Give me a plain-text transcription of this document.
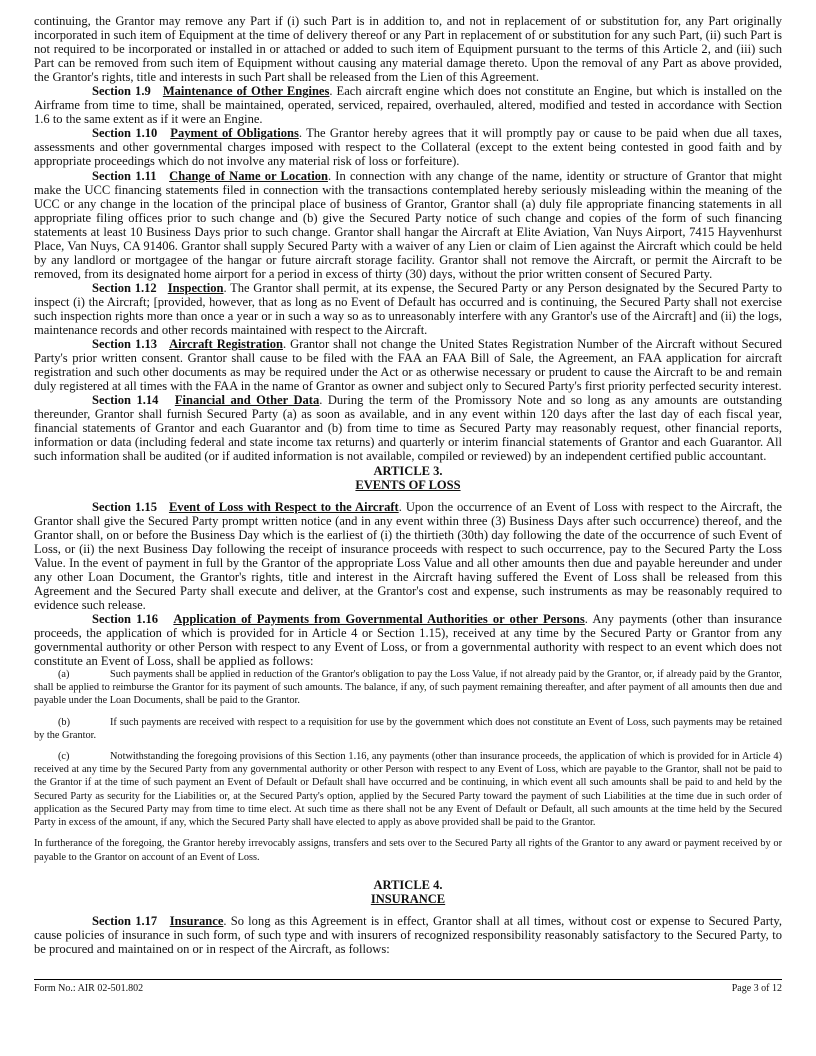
continuing, the Grantor may remove any Part if (i) such Part is in addition to, and not in replacement of or substitution for, any Part originally incorporated in such item of Equipment at the time of delivery thereof or any Part in replacement of or substitution for any such Part, (ii) such Part is not required to be incorporated or installed in or attached or added to such item of Equipment pursuant to the terms of this Article 2, and (iii) such Part can be removed from such item of Equipment without causing any material damage thereto. Upon the removal of any Part as above provided, the Grantor's rights, title and interests in such Part shall be released from the Lien of this Agreement.

Section 1.9 Maintenance of Other Engines. Each aircraft engine which does not constitute an Engine, but which is installed on the Airframe from time to time, shall be maintained, operated, serviced, repaired, overhauled, altered, modified and tested in accordance with Section 1.6 to the same extent as if it were an Engine.

Section 1.10 Payment of Obligations. The Grantor hereby agrees that it will promptly pay or cause to be paid when due all taxes, assessments and other governmental charges imposed with respect to the Collateral (except to the extent being contested in good faith and by appropriate proceedings which do not involve any material risk of loss or forfeiture).

Section 1.11 Change of Name or Location. In connection with any change of the name, identity or structure of Grantor that might make the UCC financing statements filed in connection with the transactions contemplated hereby seriously misleading within the meaning of the UCC or any change in the location of the principal place of business of Grantor, Grantor shall (a) duly file appropriate financing statements in all appropriate filing offices prior to such change and (b) give the Secured Party notice of such change and copies of the form of such financing statements at least 10 Business Days prior to such change. Grantor shall hangar the Aircraft at Elite Aviation, Van Nuys Airport, 7415 Hayvenhurst Place, Van Nuys, CA 91406. Grantor shall supply Secured Party with a waiver of any Lien or claim of Lien against the Aircraft which could be held by any landlord or mortgagee of the hangar or future aircraft storage facility. Grantor shall not remove the Aircraft, or permit the Aircraft to be removed, from its designated home airport for a period in excess of thirty (30) days, without the prior written consent of Secured Party.

Section 1.12 Inspection. The Grantor shall permit, at its expense, the Secured Party or any Person designated by the Secured Party to inspect (i) the Aircraft; [provided, however, that as long as no Event of Default has occurred and is continuing, the Secured Party shall not exercise such inspection rights more than once a year or in such a way so as to unreasonably interfere with any Grantor's use of the Aircraft] and (ii) the logs, maintenance records and other records maintained with respect to the Aircraft.

Section 1.13 Aircraft Registration. Grantor shall not change the United States Registration Number of the Aircraft without Secured Party's prior written consent. Grantor shall cause to be filed with the FAA an FAA Bill of Sale, the Agreement, an FAA application for aircraft registration and such other documents as may be required under the Act or as otherwise necessary or prudent to cause the Aircraft to be and remain duly registered at all times with the FAA in the name of Grantor as owner and subject only to Secured Party's first priority perfected security interest.

Section 1.14 Financial and Other Data. During the term of the Promissory Note and so long as any amounts are outstanding thereunder, Grantor shall furnish Secured Party (a) as soon as available, and in any event within 120 days after the last day of each fiscal year, financial statements of Grantor and each Guarantor and (b) from time to time as Secured Party may reasonably request, other financial reports, information or data (including federal and state income tax returns) and quarterly or interim financial statements of Grantor and each Guarantor. All such information shall be audited (or if audited information is not available, compiled or reviewed) by an independent certified public accountant.

ARTICLE 3.
EVENTS OF LOSS

Section 1.15 Event of Loss with Respect to the Aircraft. Upon the occurrence of an Event of Loss with respect to the Aircraft, the Grantor shall give the Secured Party prompt written notice (and in any event within three (3) Business Days after such occurrence) thereof, and the Grantor shall, on or before the Business Day which is the earliest of (i) the thirtieth (30th) day following the date of the occurrence of such Event of Loss, or (ii) the next Business Day following the receipt of insurance proceeds with respect to such occurrence, pay to the Secured Party the Loss Value. In the event of payment in full by the Grantor of the appropriate Loss Value and all other amounts then due and payable hereunder and under any other Loan Document, the Grantor's rights, title and interest in the Aircraft having suffered the Event of Loss shall be released from this Agreement and the Secured Party shall execute and deliver, at the Grantor's cost and expense, such instruments as may be reasonably required to evidence such release.

Section 1.16 Application of Payments from Governmental Authorities or other Persons. Any payments (other than insurance proceeds, the application of which is provided for in Article 4 or Section 1.15), received at any time by the Secured Party or Grantor from any governmental authority or other Person with respect to any Event of Loss, or from a governmental authority with respect to an event which does not constitute an Event of Loss, shall be applied as follows:

(a)	Such payments shall be applied in reduction of the Grantor's obligation to pay the Loss Value, if not already paid by the Grantor, or, if already paid by the Grantor, shall be applied to reimburse the Grantor for its payment of such amounts. The balance, if any, of such payment remaining thereafter, and after payment of all amounts then due and payable under the Loan Documents, shall be paid to the Grantor.

(b)	If such payments are received with respect to a requisition for use by the government which does not constitute an Event of Loss, such payments may be retained by the Grantor.

(c)	Notwithstanding the foregoing provisions of this Section 1.16, any payments (other than insurance proceeds, the application of which is provided for in Article 4) received at any time by the Secured Party from any governmental authority or other Person with respect to any Event of Loss, which are payable to the Grantor, shall not be paid to the Grantor if at the time of such payment an Event of Default or Default shall have occurred and be continuing, in which event all such amounts shall be paid to and held by the Secured Party as security for the Liabilities or, at the Secured Party's option, applied by the Secured Party toward the payment of such Liabilities at the time due in such order of application as the Secured Party may from time to time elect. At such time as there shall not be any Event of Default or Default, all such amounts at the time held by the Secured Party in excess of the amount, if any, which the Secured Party shall have elected to apply as above provided shall be paid to the Grantor.

In furtherance of the foregoing, the Grantor hereby irrevocably assigns, transfers and sets over to the Secured Party all rights of the Grantor to any award or payment received by or payable to the Grantor on account of an Event of Loss.

ARTICLE 4.
INSURANCE

Section 1.17 Insurance. So long as this Agreement is in effect, Grantor shall at all times, without cost or expense to Secured Party, cause policies of insurance in such form, of such type and with insurers of recognized responsibility reasonably satisfactory to the Secured Party, to be procured and maintained on or in respect of the Aircraft, as follows:

Form No.: AIR 02-501.802	Page 3 of 12
